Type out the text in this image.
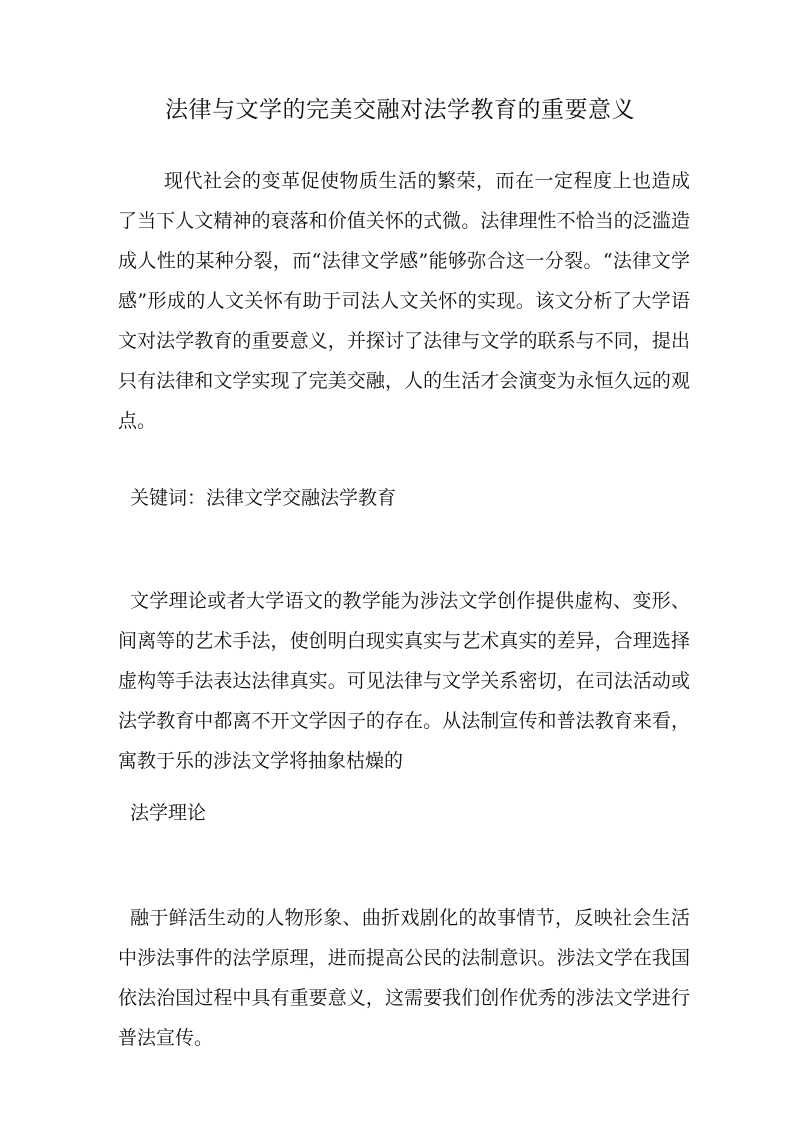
法律与文学的完美交融对法学教育的重要意义

现代社会的变革促使物质生活的繁荣，而在一定程度上也造成了当下人文精神的衰落和价值关怀的式微。法律理性不恰当的泛滥造成人性的某种分裂，而“法律文学感”能够弥合这一分裂。“法律文学感”形成的人文关怀有助于司法人文关怀的实现。该文分析了大学语文对法学教育的重要意义，并探讨了法律与文学的联系与不同，提出只有法律和文学实现了完美交融，人的生活才会演变为永恒久远的观点。

关键词：法律文学交融法学教育

文学理论或者大学语文的教学能为涉法文学创作提供虚构、变形、间离等的艺术手法，使创明白现实真实与艺术真实的差异，合理选择虚构等手法表达法律真实。可见法律与文学关系密切，在司法活动或法学教育中都离不开文学因子的存在。从法制宣传和普法教育来看，寓教于乐的涉法文学将抽象枯燥的

法学理论

融于鲜活生动的人物形象、曲折戏剧化的故事情节，反映社会生活中涉法事件的法学原理，进而提高公民的法制意识。涉法文学在我国依法治国过程中具有重要意义，这需要我们创作优秀的涉法文学进行普法宣传。
